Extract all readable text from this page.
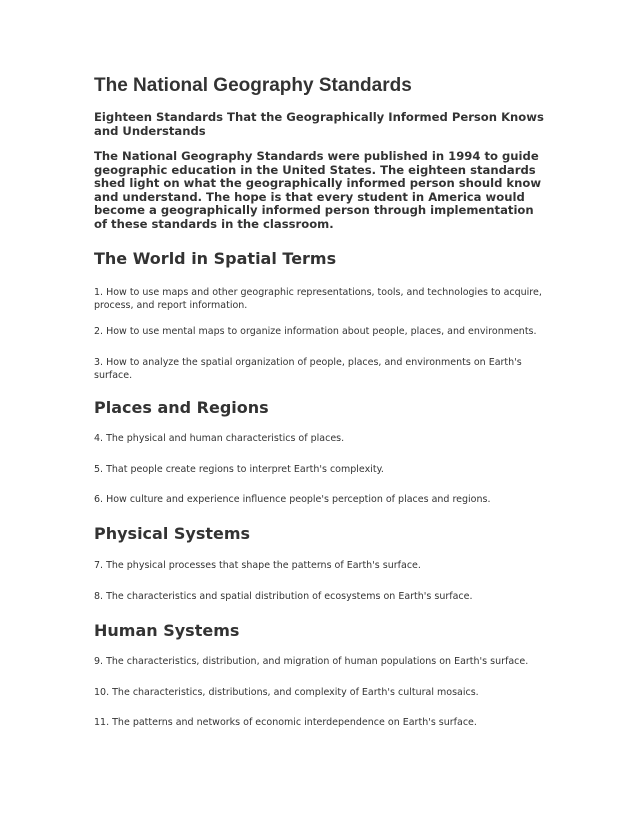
The National Geography Standards

Eighteen Standards That the Geographically Informed Person Knows and Understands

The National Geography Standards were published in 1994 to guide geographic education in the United States. The eighteen standards shed light on what the geographically informed person should know and understand. The hope is that every student in America would become a geographically informed person through implementation of these standards in the classroom.

The World in Spatial Terms

1. How to use maps and other geographic representations, tools, and technologies to acquire, process, and report information.

2. How to use mental maps to organize information about people, places, and environments.

3. How to analyze the spatial organization of people, places, and environments on Earth's surface.

Places and Regions

4. The physical and human characteristics of places.

5. That people create regions to interpret Earth's complexity.

6. How culture and experience influence people's perception of places and regions.

Physical Systems

7. The physical processes that shape the patterns of Earth's surface.

8. The characteristics and spatial distribution of ecosystems on Earth's surface.

Human Systems

9. The characteristics, distribution, and migration of human populations on Earth's surface.

10. The characteristics, distributions, and complexity of Earth's cultural mosaics.

11. The patterns and networks of economic interdependence on Earth's surface.
